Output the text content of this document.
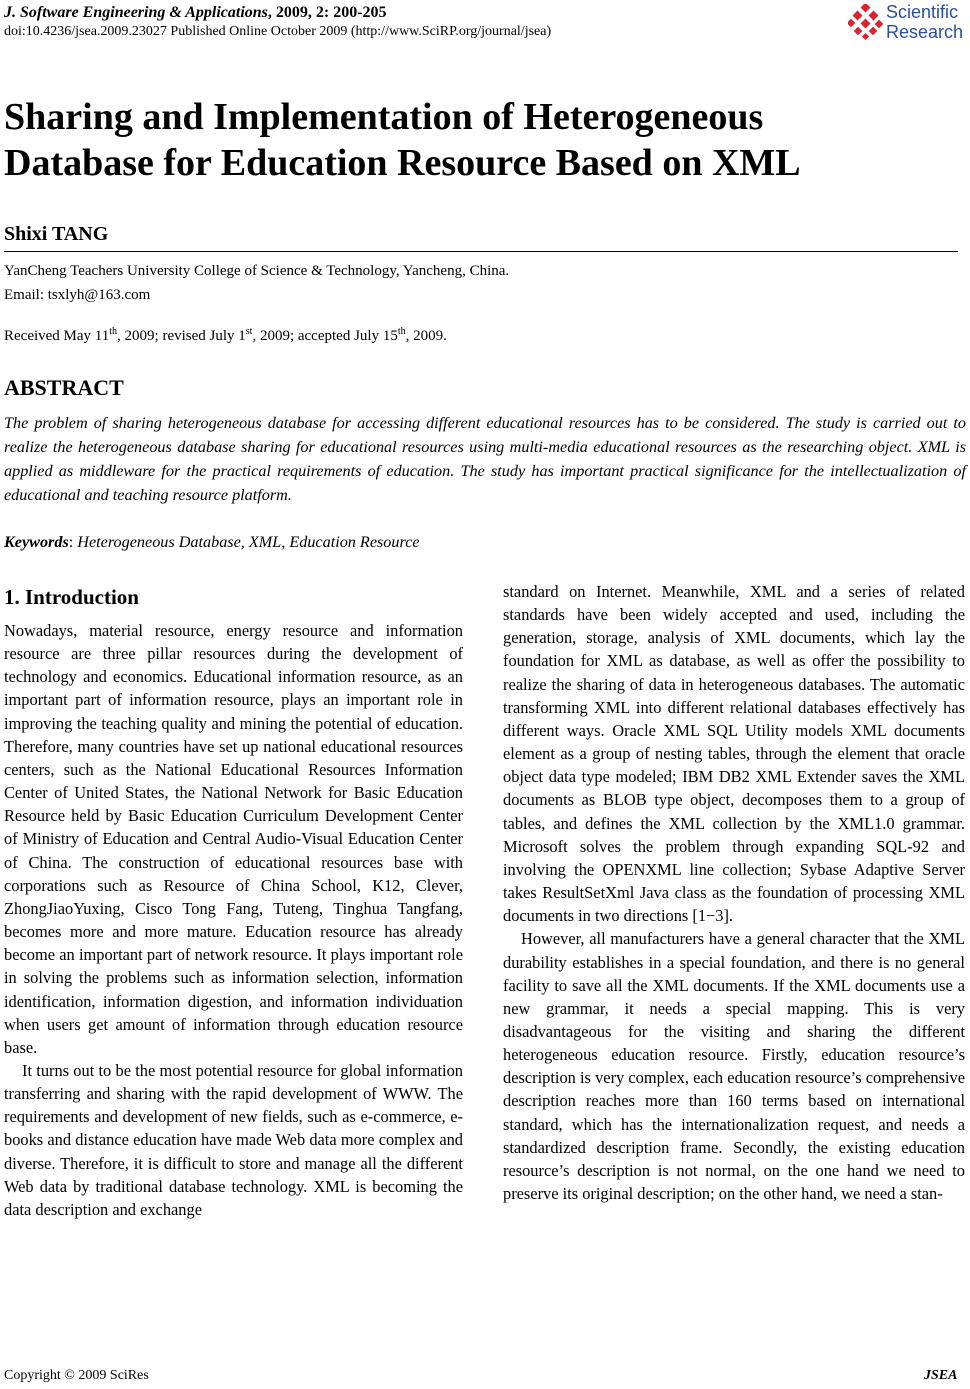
J. Software Engineering & Applications, 2009, 2: 200-205
doi:10.4236/jsea.2009.23027 Published Online October 2009 (http://www.SciRP.org/journal/jsea)
Scientific
Research
Sharing and Implementation of Heterogeneous
Database for Education Resource Based on XML
Shixi TANG
YanCheng Teachers University College of Science & Technology, Yancheng, China.
Email: tsxlyh@163.com
Received May 11th, 2009; revised July 1st, 2009; accepted July 15th, 2009.
ABSTRACT
The problem of sharing heterogeneous database for accessing different educational resources has to be considered. The study is carried out to realize the heterogeneous database sharing for educational resources using multi-media educational resources as the researching object. XML is applied as middleware for the practical requirements of education. The study has important practical significance for the intellectualization of educational and teaching resource platform.
Keywords: Heterogeneous Database, XML, Education Resource
1. Introduction

Nowadays, material resource, energy resource and information resource are three pillar resources during the development of technology and economics. Educational information resource, as an important part of information resource, plays an important role in improving the teaching quality and mining the potential of education. Therefore, many countries have set up national educational resources centers, such as the National Educational Resources Information Center of United States, the National Network for Basic Education Resource held by Basic Education Curriculum Development Center of Ministry of Education and Central Audio-Visual Education Center of China. The construction of educational resources base with corporations such as Resource of China School, K12, Clever, ZhongJiaoYuxing, Cisco Tong Fang, Tuteng, Tinghua Tangfang, becomes more and more mature. Education resource has already become an important part of network resource. It plays important role in solving the problems such as information selection, information identification, information digestion, and information individuation when users get amount of information through education resource base.

It turns out to be the most potential resource for global information transferring and sharing with the rapid development of WWW. The requirements and development of new fields, such as e-commerce, e-books and distance education have made Web data more complex and diverse. Therefore, it is difficult to store and manage all the different Web data by traditional database technology. XML is becoming the data description and exchange

standard on Internet. Meanwhile, XML and a series of related standards have been widely accepted and used, including the generation, storage, analysis of XML documents, which lay the foundation for XML as database, as well as offer the possibility to realize the sharing of data in heterogeneous databases. The automatic transforming XML into different relational databases effectively has different ways. Oracle XML SQL Utility models XML documents element as a group of nesting tables, through the element that oracle object data type modeled; IBM DB2 XML Extender saves the XML documents as BLOB type object, decomposes them to a group of tables, and defines the XML collection by the XML1.0 grammar. Microsoft solves the problem through expanding SQL-92 and involving the OPENXML line collection; Sybase Adaptive Server takes ResultSetXml Java class as the foundation of processing XML documents in two directions [1−3].

However, all manufacturers have a general character that the XML durability establishes in a special foundation, and there is no general facility to save all the XML documents. If the XML documents use a new grammar, it needs a special mapping. This is very disadvantageous for the visiting and sharing the different heterogeneous education resource. Firstly, education resource’s description is very complex, each education resource’s comprehensive description reaches more than 160 terms based on international standard, which has the internationalization request, and needs a standardized description frame. Secondly, the existing education resource’s description is not normal, on the one hand we need to preserve its original description; on the other hand, we need a stan-

Copyright © 2009 SciRes	JSEA
